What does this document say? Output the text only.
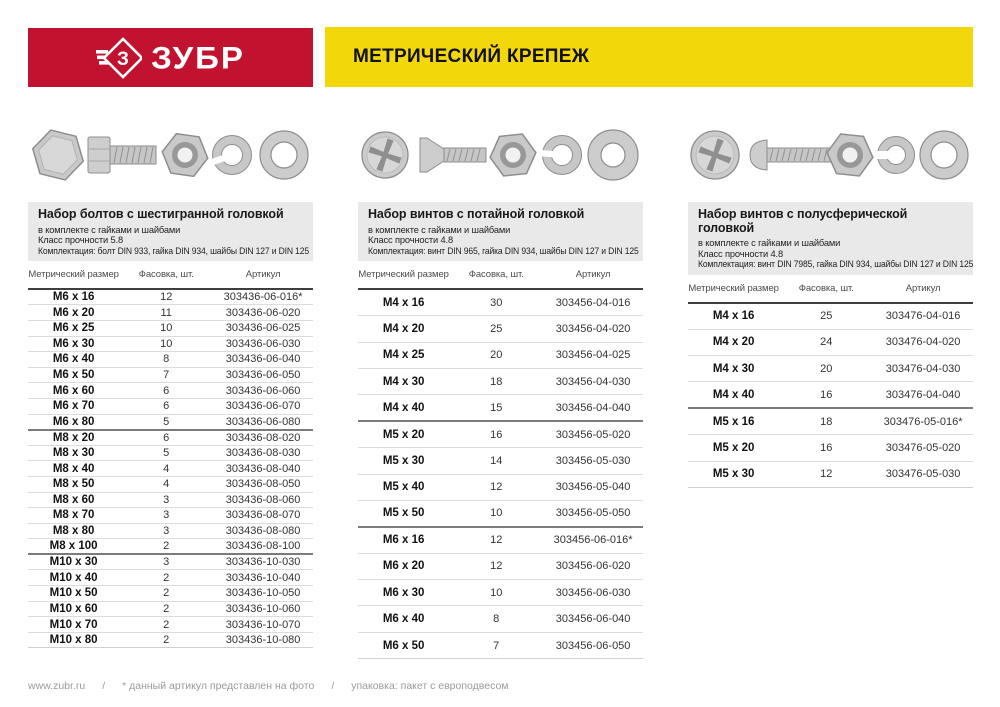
З ЗУБР	МЕТРИЧЕСКИЙ КРЕПЕЖ
Набор болтов с шестигранной головкой
в комплекте с гайками и шайбами
Класс прочности 5.8
Комплектация: болт DIN 933, гайка DIN 934, шайбы DIN 127 и DIN 125
Метрический размер	Фасовка, шт.	Артикул
М6 х 16	12	303436-06-016*
М6 х 20	11	303436-06-020
М6 х 25	10	303436-06-025
М6 х 30	10	303436-06-030
М6 х 40	8	303436-06-040
М6 х 50	7	303436-06-050
М6 х 60	6	303436-06-060
М6 х 70	6	303436-06-070
М6 х 80	5	303436-06-080
М8 х 20	6	303436-08-020
М8 х 30	5	303436-08-030
М8 х 40	4	303436-08-040
М8 х 50	4	303436-08-050
М8 х 60	3	303436-08-060
М8 х 70	3	303436-08-070
М8 х 80	3	303436-08-080
М8 х 100	2	303436-08-100
М10 х 30	3	303436-10-030
М10 х 40	2	303436-10-040
М10 х 50	2	303436-10-050
М10 х 60	2	303436-10-060
М10 х 70	2	303436-10-070
М10 х 80	2	303436-10-080
Набор винтов с потайной головкой
в комплекте с гайками и шайбами
Класс прочности 4.8
Комплектация: винт DIN 965, гайка DIN 934, шайбы DIN 127 и DIN 125
Метрический размер	Фасовка, шт.	Артикул
М4 х 16	30	303456-04-016
М4 х 20	25	303456-04-020
М4 х 25	20	303456-04-025
М4 х 30	18	303456-04-030
М4 х 40	15	303456-04-040
М5 х 20	16	303456-05-020
М5 х 30	14	303456-05-030
М5 х 40	12	303456-05-040
М5 х 50	10	303456-05-050
М6 х 16	12	303456-06-016*
М6 х 20	12	303456-06-020
М6 х 30	10	303456-06-030
М6 х 40	8	303456-06-040
М6 х 50	7	303456-06-050
Набор винтов с полусферической головкой
в комплекте с гайками и шайбами
Класс прочности 4.8
Комплектация: винт DIN 7985, гайка DIN 934, шайбы DIN 127 и DIN 125
Метрический размер	Фасовка, шт.	Артикул
М4 х 16	25	303476-04-016
М4 х 20	24	303476-04-020
М4 х 30	20	303476-04-030
М4 х 40	16	303476-04-040
М5 х 16	18	303476-05-016*
М5 х 20	16	303476-05-020
М5 х 30	12	303476-05-030
www.zubr.ru / * данный артикул представлен на фото / упаковка: пакет с европодвесом
